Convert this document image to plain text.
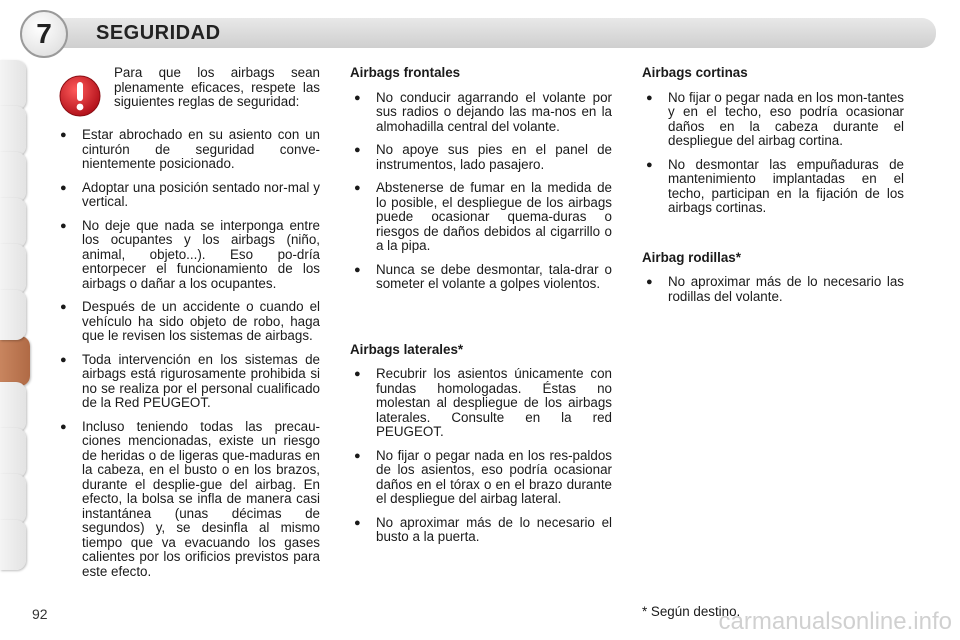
7	SEGURIDAD
Para que los airbags sean plenamente eficaces, respete las siguientes reglas de seguridad:
● Estar abrochado en su asiento con un cinturón de seguridad conve-nientemente posicionado.
● Adoptar una posición sentado nor-mal y vertical.
● No deje que nada se interponga entre los ocupantes y los airbags (niño, animal, objeto...). Eso po-dría entorpecer el funcionamiento de los airbags o dañar a los ocupantes.
● Después de un accidente o cuando el vehículo ha sido objeto de robo, haga que le revisen los sistemas de airbags.
● Toda intervención en los sistemas de airbags está rigurosamente prohibida si no se realiza por el personal cualificado de la Red PEUGEOT.
● Incluso teniendo todas las precau-ciones mencionadas, existe un riesgo de heridas o de ligeras que-maduras en la cabeza, en el busto o en los brazos, durante el desplie-gue del airbag. En efecto, la bolsa se infla de manera casi instantánea (unas décimas de segundos) y, se desinfla al mismo tiempo que va evacuando los gases calientes por los orificios previstos para este efecto.
Airbags frontales
● No conducir agarrando el volante por sus radios o dejando las ma-nos en la almohadilla central del volante.
● No apoye sus pies en el panel de instrumentos, lado pasajero.
● Abstenerse de fumar en la medida de lo posible, el despliegue de los airbags puede ocasionar quema-duras o riesgos de daños debidos al cigarrillo o a la pipa.
● Nunca se debe desmontar, tala-drar o someter el volante a golpes violentos.
Airbags laterales*
● Recubrir los asientos únicamente con fundas homologadas. Éstas no molestan al despliegue de los airbags laterales. Consulte en la red PEUGEOT.
● No fijar o pegar nada en los res-paldos de los asientos, eso podría ocasionar daños en el tórax o en el brazo durante el despliegue del airbag lateral.
● No aproximar más de lo necesario el busto a la puerta.
Airbags cortinas
● No fijar o pegar nada en los mon-tantes y en el techo, eso podría ocasionar daños en la cabeza durante el despliegue del airbag cortina.
● No desmontar las empuñaduras de mantenimiento implantadas en el techo, participan en la fijación de los airbags cortinas.
Airbag rodillas*
● No aproximar más de lo necesario las rodillas del volante.
92	* Según destino.
carmanualsonline.info
